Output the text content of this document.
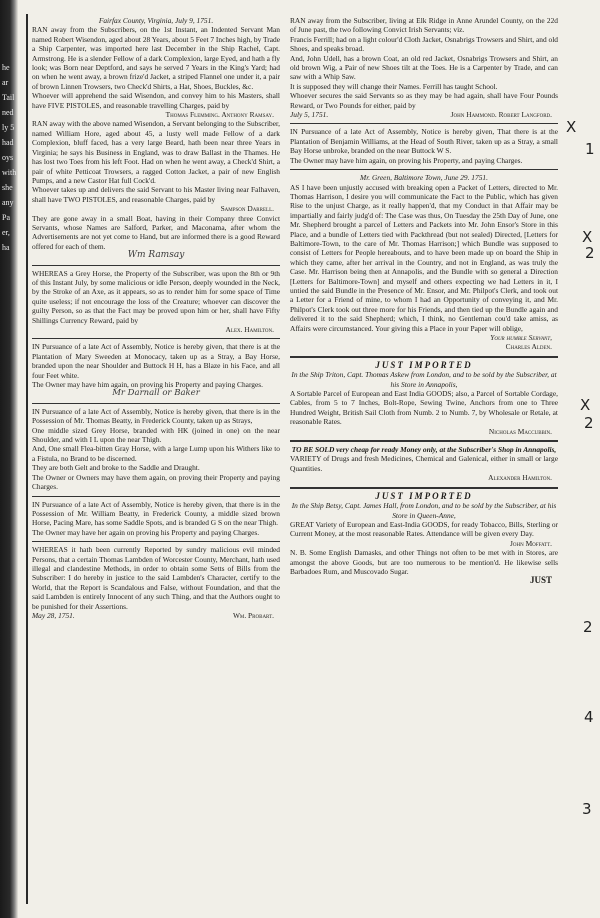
he
ar
Tail
ned
ly 5
had
oys
with
she
any
Pa
er,
ha

Fairfax County, Virginia, July 9, 1751.

RAN away from the Subscribers, on the 1st Instant, an Indented Servant Man named Robert Wisendon, aged about 28 Years, about 5 Feet 7 Inches high, by Trade a Ship Carpenter, was imported here last December in the Ship Rachel, Capt. Armstrong. He is a slender Fellow of a dark Complexion, large Eyed, and hath a fly look; was Born near Deptford, and says he served 7 Years in the King's Yard; had on when he went away, a brown frize'd Jacket, a striped Flannel one under it, a pair of brown Linnen Trowsers, two Check'd Shirts, a Hat, Shoes, Buckles, &c.

Whoever will apprehend the said Wisendon, and convey him to his Masters, shall have FIVE PISTOLES, and reasonable travelling Charges, paid by

Thomas Flemming. Anthony Ramsay.

RAN away with the above named Wisendon, a Servant belonging to the Subscriber, named William Hore, aged about 45, a lusty well made Fellow of a dark Complexion, bluff faced, has a very large Beard, hath been near three Years in Virginia; he says his Business in England, was to draw Ballast in the Thames. He has lost two Toes from his left Foot. Had on when he went away, a Check'd Shirt, a pair of white Petticoat Trowsers, a ragged Cotton Jacket, a pair of new English Pumps, and a new Castor Hat full Cock'd.

Whoever takes up and delivers the said Servant to his Master living near Falhaven, shall have TWO PISTOLES, and reasonable Charges, paid by

Sampson Darrell.

They are gone away in a small Boat, having in their Company three Convict Servants, whose Names are Salford, Parker, and Maconama, after whom the Advertisements are not yet come to Hand, but are informed there is a good Reward offered for each of them.

Wm Ramsay

WHEREAS a Grey Horse, the Property of the Subscriber, was upon the 8th or 9th of this Instant July, by some malicious or idle Person, deeply wounded in the Neck, by the Stroke of an Axe, as it appears, so as to render him for some space of Time quite useless; if not encourage the loss of the Creature; whoever can discover the guilty Person, so as that the Fact may be proved upon him or her, shall have Fifty Shillings Currency Reward, paid by

Alex. Hamilton.

IN Pursuance of a late Act of Assembly, Notice is hereby given, that there is at the Plantation of Mary Sweeden at Monocacy, taken up as a Stray, a Bay Horse, branded upon the near Shoulder and Buttock H H, has a Blaze in his Face, and all four Feet white.

The Owner may have him again, on proving his Property and paying Charges.

Mr Darnall or Baker

IN Pursuance of a late Act of Assembly, Notice is hereby given, that there is in the Possession of Mr. Thomas Beatty, in Frederick County, taken up as Strays,

One middle sized Grey Horse, branded with HK (joined in one) on the near Shoulder, and with I L upon the near Thigh.

And, One small Flea-bitten Gray Horse, with a large Lump upon his Withers like to a Fistula, no Brand to be discerned.

They are both Gelt and broke to the Saddle and Draught.

The Owner or Owners may have them again, on proving their Property and paying Charges.

IN Pursuance of a late Act of Assembly, Notice is hereby given, that there is in the Possession of Mr. William Beatty, in Frederick County, a middle sized brown Horse, Pacing Mare, has some Saddle Spots, and is branded G S on the near Thigh.

The Owner may have her again on proving his Property and paying Charges.

WHEREAS it hath been currently Reported by sundry malicious evil minded Persons, that a certain Thomas Lambden of Worcester County, Merchant, hath used illegal and clandestine Methods, in order to obtain some Setts of Bills from the Subscriber: I do hereby in justice to the said Lambden's Character, certify to the World, that the Report is Scandalous and False, without Foundation, and that the said Lambden is entirely Innocent of any such Thing, and that the Authors ought to be punished for their Assertions.

May 28, 1751.	Wm. Probart.

RAN away from the Subscriber, living at Elk Ridge in Anne Arundel County, on the 22d of June past, the two following Convict Irish Servants; viz.

Francis Ferrill; had on a light colour'd Cloth Jacket, Osnabrigs Trowsers and Shirt, and old Shoes, and speaks broad.

And, John Udell, has a brown Coat, an old red Jacket, Osnabrigs Trowsers and Shirt, an old brown Wig, a Pair of new Shoes tilt at the Toes. He is a Carpenter by Trade, and can saw with a Whip Saw.

It is supposed they will change their Names. Ferrill has taught School.

Whoever secures the said Servants so as they may be had again, shall have Four Pounds Reward, or Two Pounds for either, paid by

July 5, 1751.	John Hammond. Robert Langford.

IN Pursuance of a late Act of Assembly, Notice is hereby given, That there is at the Plantation of Benjamin Williams, at the Head of South River, taken up as a Stray, a small Bay Horse unbroke, branded on the near Buttock W S.

The Owner may have him again, on proving his Property, and paying Charges.

Mr. Green, Baltimore Town, June 29. 1751.

AS I have been unjustly accused with breaking open a Packet of Letters, directed to Mr. Thomas Harrison, I desire you will communicate the Fact to the Public, which has given Rise to the unjust Charge, as it really happen'd, that my Conduct in that Affair may be impartially and fairly judg'd of: The Case was thus, On Tuesday the 25th Day of June, one Mr. Shepherd brought a parcel of Letters and Packets into Mr. John Ensor's Store in this Place, and a bundle of Letters tied with Packthread (but not sealed) Directed, [Letters for Baltimore-Town, to the care of Mr. Thomas Harrison;] which Bundle was supposed to consist of Letters for People hereabouts, and to have been made up on board the Ship in which they came, after her arrival in the Country, and not in England, as was truly the Case. Mr. Harrison being then at Annapolis, and the Bundle with so general a Direction [Letters for Baltimore-Town] and myself and others expecting we had Letters in it, I untied the said Bundle in the Presence of Mr. Ensor, and Mr. Philpot's Clerk, and took out a Letter for a Friend of mine, to whom I had an Opportunity of conveying it, and Mr. Philpot's Clerk took out three more for his Friends, and then tied up the Bundle again and delivered it to the said Shepherd; which, I think, no Gentleman cou'd take amiss, as Affairs were circumstanced. Your giving this a Place in your Paper will oblige,

Your humble Servant,

Charles Alden.

JUST IMPORTED

In the Ship Triton, Capt. Thomas Askew from London, and to be sold by the Subscriber, at his Store in Annapolis,

A Sortable Parcel of European and East India GOODS; also, a Parcel of Sortable Cordage, Cables, from 5 to 7 Inches, Bolt-Rope, Sewing Twine, Anchors from one to Three Hundred Weight, British Sail Cloth from Numb. 2 to Numb. 7, by Wholesale or Retale, at reasonable Rates.

Nicholas Maccubbin.

TO BE SOLD very cheap for ready Money only, at the Subscriber's Shop in Annapolis,

VARIETY of Drugs and fresh Medicines, Chemical and Galenical, either in small or large Quantities.

Alexander Hamilton.

JUST IMPORTED

In the Ship Betsy, Capt. James Hall, from London, and to be sold by the Subscriber, at his Store in Queen-Anne,

GREAT Variety of European and East-India GOODS, for ready Tobacco, Bills, Sterling or Current Money, at the most reasonable Rates. Attendance will be given every Day.

John Moffatt.

N. B. Some English Damasks, and other Things not often to be met with in Stores, are amongst the above Goods, but are too numerous to be mention'd. He likewise sells Barbadoes Rum, and Muscovado Sugar.

JUST

X
1
X
2
X
2
2
4
3
